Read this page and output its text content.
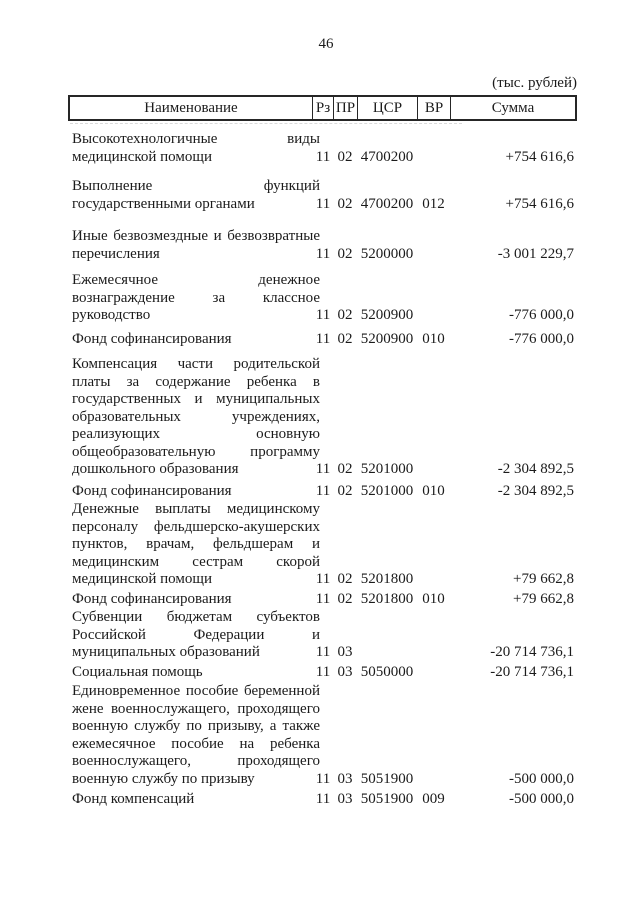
46
(тыс. рублей)
Наименование	Рз ПР	ЦСР	ВР	Сумма
Высокотехнологичные виды
медицинской помощи	11 02 4700200	+754 616,6
Выполнение функций
государственными органами	11 02 4700200 012	+754 616,6
Иные безвозмездные и безвозвратные
перечисления	11 02 5200000	-3 001 229,7
Ежемесячное денежное
вознаграждение за классное
руководство	11 02 5200900	-776 000,0
Фонд софинансирования	11 02 5200900 010	-776 000,0
Компенсация части родительской
платы за содержание ребенка в
государственных и муниципальных
образовательных учреждениях,
реализующих основную
общеобразовательную программу
дошкольного образования	11 02 5201000	-2 304 892,5
Фонд софинансирования	11 02 5201000 010	-2 304 892,5
Денежные выплаты медицинскому
персоналу фельдшерско-акушерских
пунктов, врачам, фельдшерам и
медицинским сестрам скорой
медицинской помощи	11 02 5201800	+79 662,8
Фонд софинансирования	11 02 5201800 010	+79 662,8
Субвенции бюджетам субъектов
Российской Федерации и
муниципальных образований	11 03	-20 714 736,1
Социальная помощь	11 03 5050000	-20 714 736,1
Единовременное пособие беременной
жене военнослужащего, проходящего
военную службу по призыву, а также
ежемесячное пособие на ребенка
военнослужащего, проходящего
военную службу по призыву	11 03 5051900	-500 000,0
Фонд компенсаций	11 03 5051900 009	-500 000,0
